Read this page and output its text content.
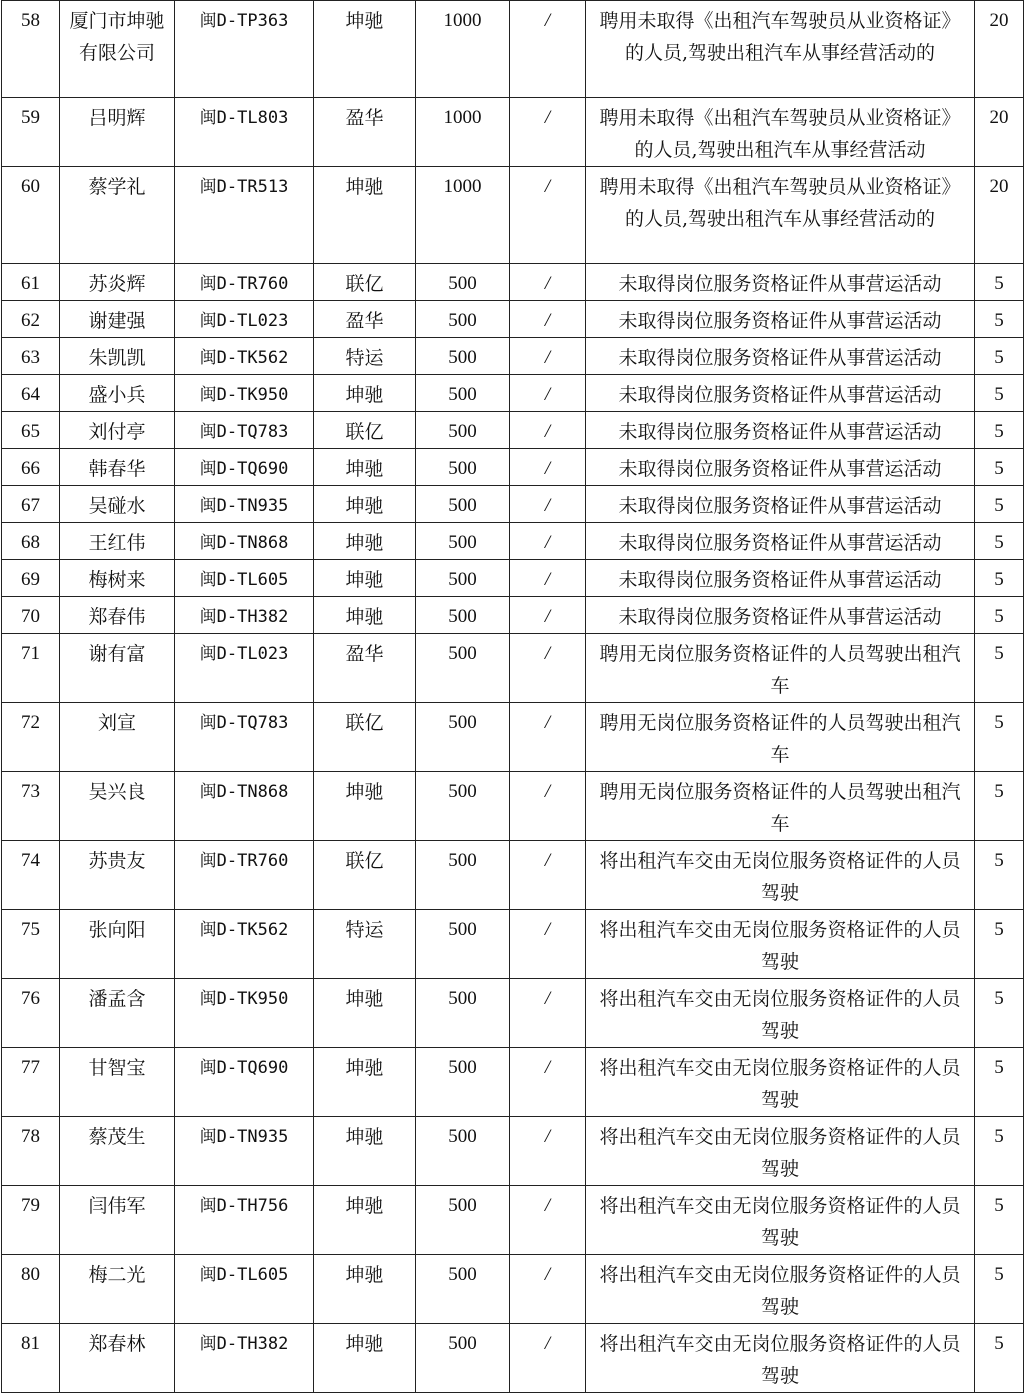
58	厦门市坤驰有限公司	闽D-TP363	坤驰	1000	/	聘用未取得《出租汽车驾驶员从业资格证》的人员,驾驶出租汽车从事经营活动的	20
59	吕明辉	闽D-TL803	盈华	1000	/	聘用未取得《出租汽车驾驶员从业资格证》的人员,驾驶出租汽车从事经营活动	20
60	蔡学礼	闽D-TR513	坤驰	1000	/	聘用未取得《出租汽车驾驶员从业资格证》的人员,驾驶出租汽车从事经营活动的	20
61	苏炎辉	闽D-TR760	联亿	500	/	未取得岗位服务资格证件从事营运活动	5
62	谢建强	闽D-TL023	盈华	500	/	未取得岗位服务资格证件从事营运活动	5
63	朱凯凯	闽D-TK562	特运	500	/	未取得岗位服务资格证件从事营运活动	5
64	盛小兵	闽D-TK950	坤驰	500	/	未取得岗位服务资格证件从事营运活动	5
65	刘付亭	闽D-TQ783	联亿	500	/	未取得岗位服务资格证件从事营运活动	5
66	韩春华	闽D-TQ690	坤驰	500	/	未取得岗位服务资格证件从事营运活动	5
67	吴碰水	闽D-TN935	坤驰	500	/	未取得岗位服务资格证件从事营运活动	5
68	王红伟	闽D-TN868	坤驰	500	/	未取得岗位服务资格证件从事营运活动	5
69	梅树来	闽D-TL605	坤驰	500	/	未取得岗位服务资格证件从事营运活动	5
70	郑春伟	闽D-TH382	坤驰	500	/	未取得岗位服务资格证件从事营运活动	5
71	谢有富	闽D-TL023	盈华	500	/	聘用无岗位服务资格证件的人员驾驶出租汽车	5
72	刘宣	闽D-TQ783	联亿	500	/	聘用无岗位服务资格证件的人员驾驶出租汽车	5
73	吴兴良	闽D-TN868	坤驰	500	/	聘用无岗位服务资格证件的人员驾驶出租汽车	5
74	苏贵友	闽D-TR760	联亿	500	/	将出租汽车交由无岗位服务资格证件的人员驾驶	5
75	张向阳	闽D-TK562	特运	500	/	将出租汽车交由无岗位服务资格证件的人员驾驶	5
76	潘孟含	闽D-TK950	坤驰	500	/	将出租汽车交由无岗位服务资格证件的人员驾驶	5
77	甘智宝	闽D-TQ690	坤驰	500	/	将出租汽车交由无岗位服务资格证件的人员驾驶	5
78	蔡茂生	闽D-TN935	坤驰	500	/	将出租汽车交由无岗位服务资格证件的人员驾驶	5
79	闫伟军	闽D-TH756	坤驰	500	/	将出租汽车交由无岗位服务资格证件的人员驾驶	5
80	梅二光	闽D-TL605	坤驰	500	/	将出租汽车交由无岗位服务资格证件的人员驾驶	5
81	郑春林	闽D-TH382	坤驰	500	/	将出租汽车交由无岗位服务资格证件的人员驾驶	5
